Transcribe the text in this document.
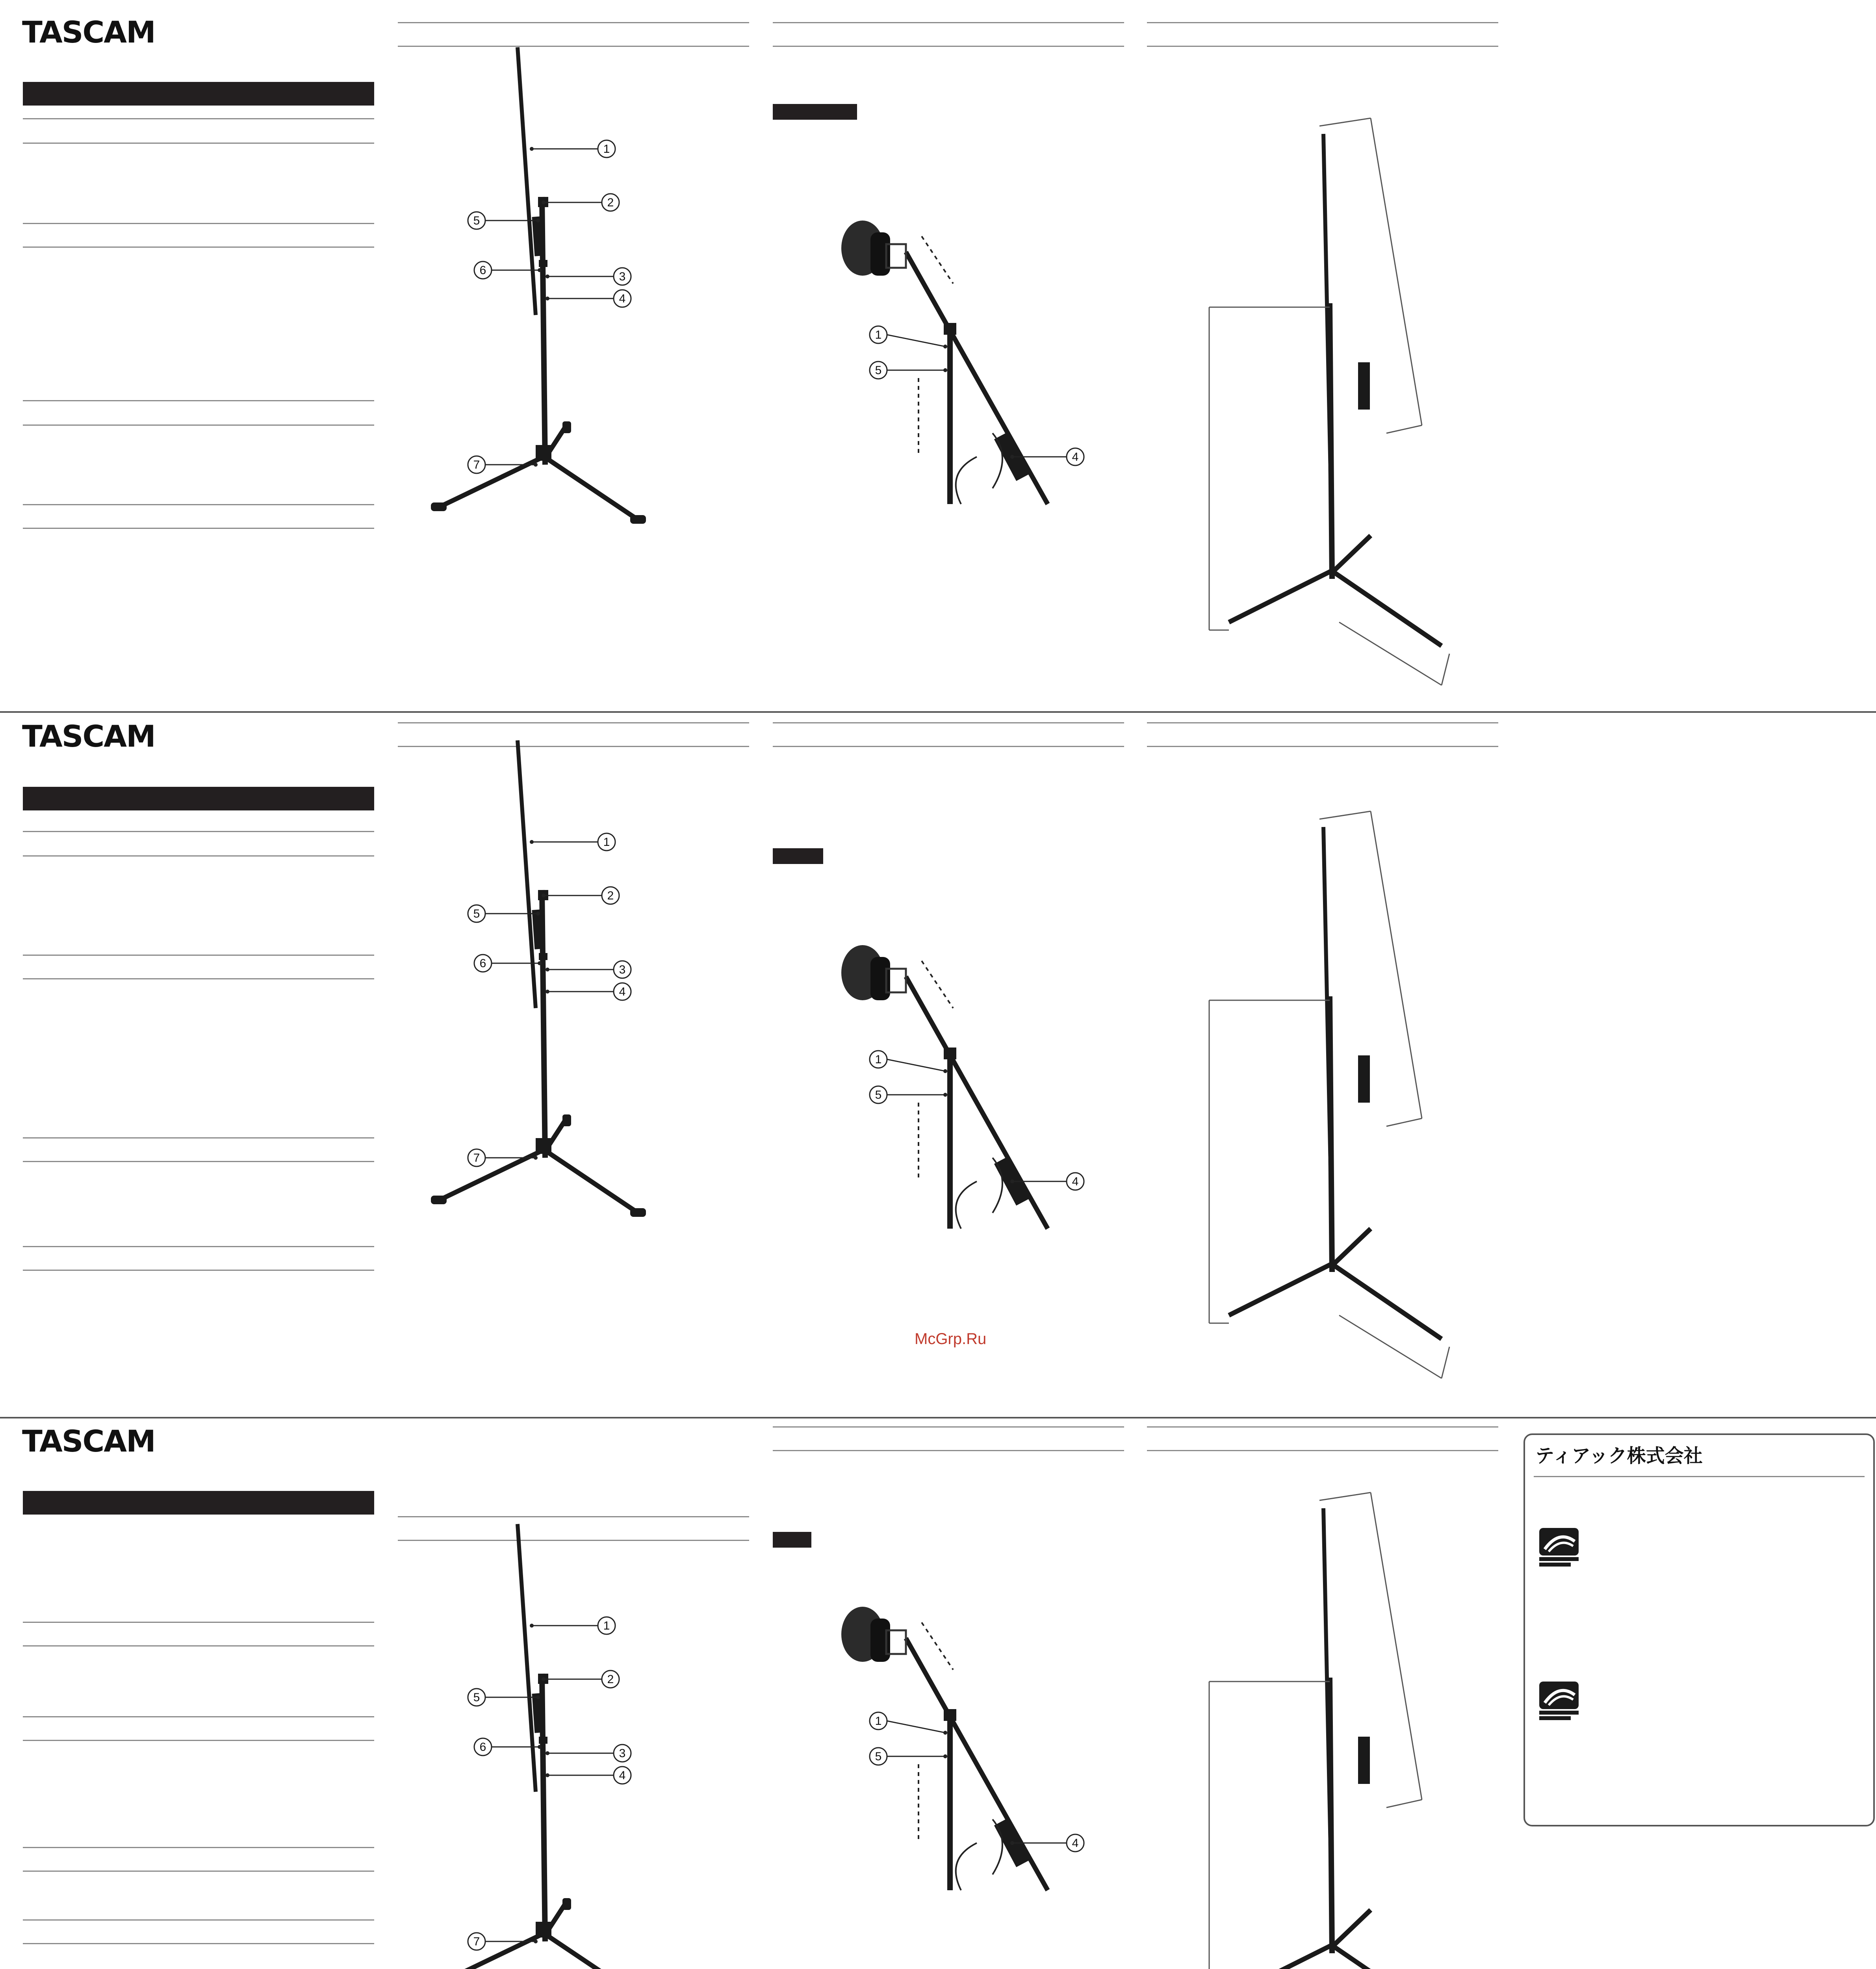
TASCAM
TASCAM
McGrp.Ru
TASCAM	ティアック株式会社
1
2
5
6	3
4
7
1
2
5
6	3
4
7
1
2
5
6	3
4
7
1
5
4
1
5
4
1
5
4
